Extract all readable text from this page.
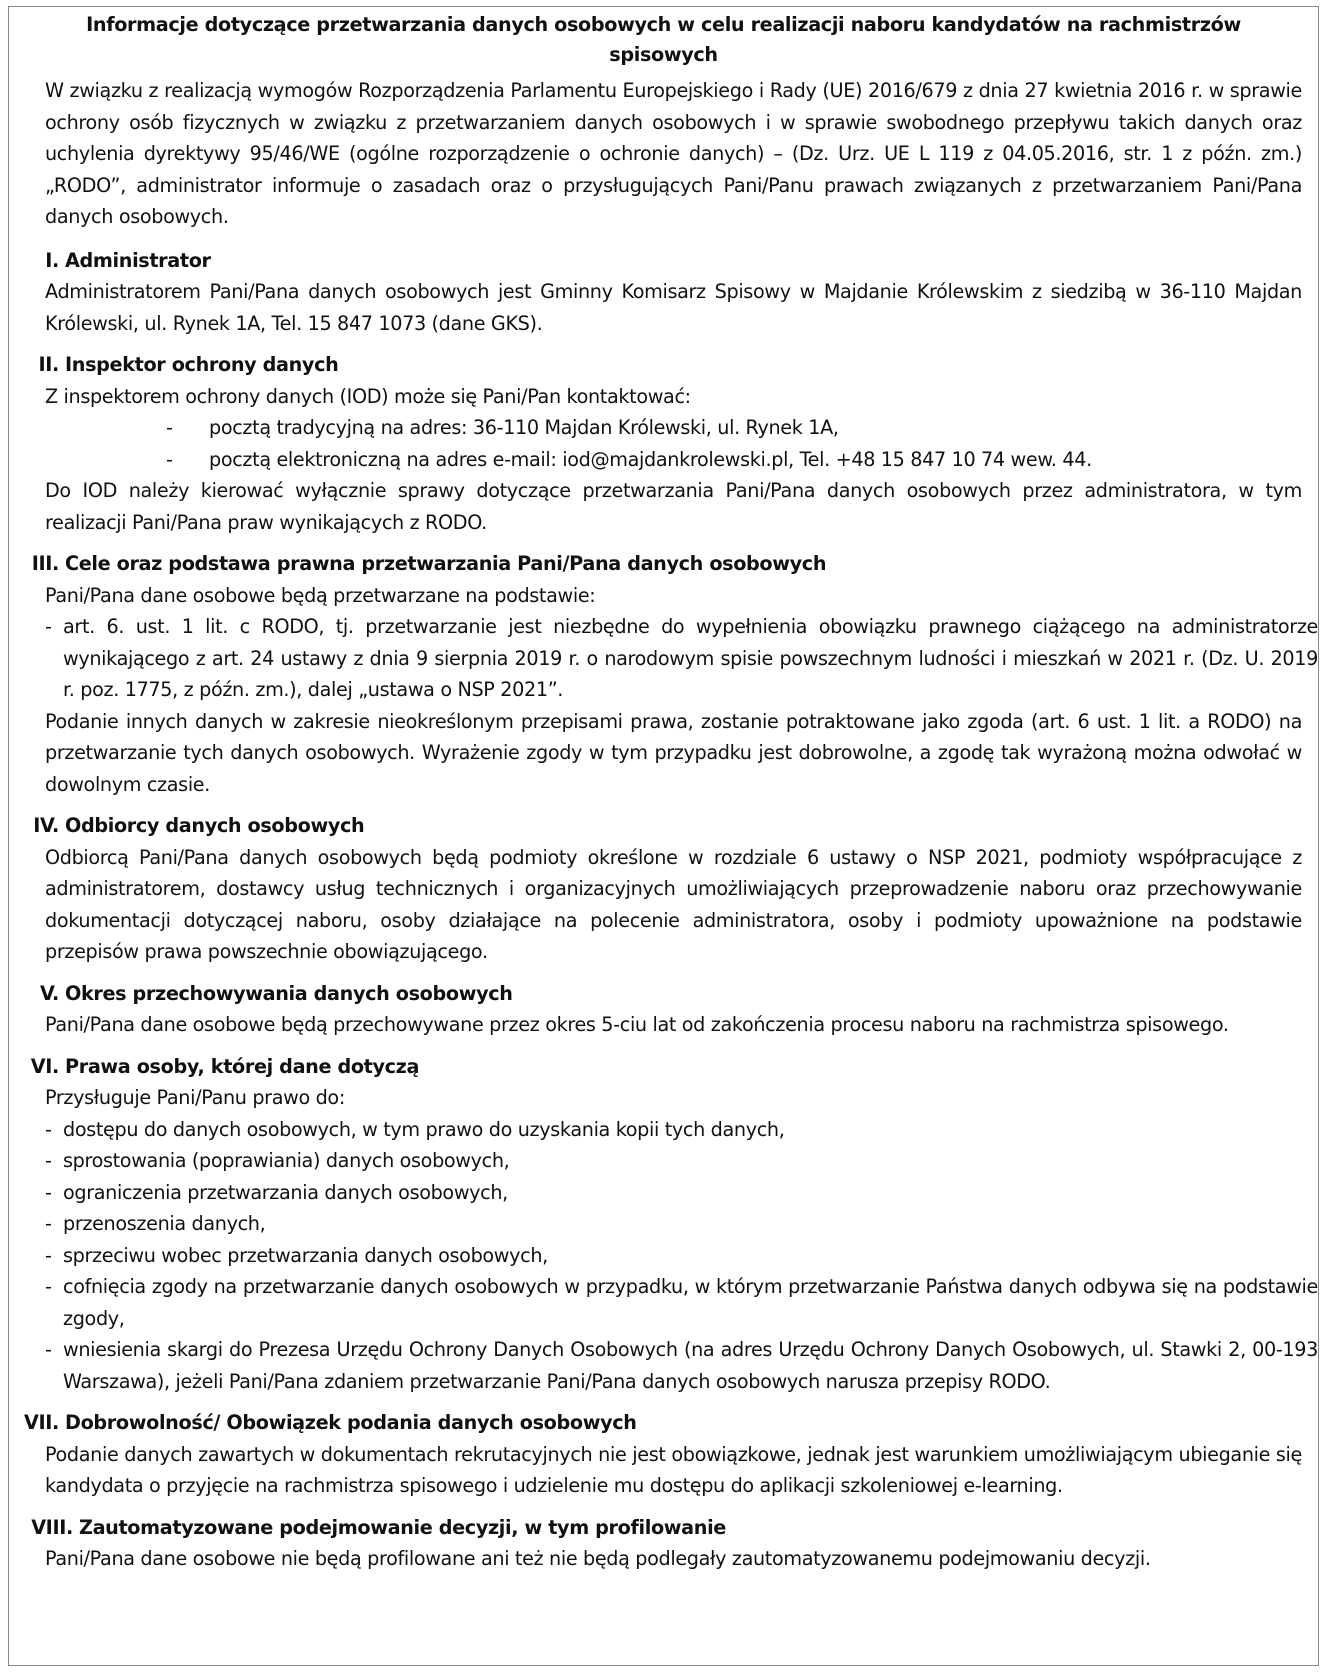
Informacje dotyczące przetwarzania danych osobowych w celu realizacji naboru kandydatów na rachmistrzów spisowych
W związku z realizacją wymogów Rozporządzenia Parlamentu Europejskiego i Rady (UE) 2016/679 z dnia 27 kwietnia 2016 r. w sprawie ochrony osób fizycznych w związku z przetwarzaniem danych osobowych i w sprawie swobodnego przepływu takich danych oraz uchylenia dyrektywy 95/46/WE (ogólne rozporządzenie o ochronie danych) – (Dz. Urz. UE L 119 z 04.05.2016, str. 1 z późn. zm.) „RODO”, administrator informuje o zasadach oraz o przysługujących Pani/Panu prawach związanych z przetwarzaniem Pani/Pana danych osobowych.
I. Administrator
Administratorem Pani/Pana danych osobowych jest Gminny Komisarz Spisowy w Majdanie Królewskim z siedzibą w 36-110 Majdan Królewski, ul. Rynek 1A, Tel. 15 847 1073 (dane GKS).
II. Inspektor ochrony danych
Z inspektorem ochrony danych (IOD) może się Pani/Pan kontaktować:
- pocztą tradycyjną na adres: 36-110 Majdan Królewski, ul. Rynek 1A,
- pocztą elektroniczną na adres e-mail: iod@majdankrolewski.pl, Tel. +48 15 847 10 74 wew. 44.
Do IOD należy kierować wyłącznie sprawy dotyczące przetwarzania Pani/Pana danych osobowych przez administratora, w tym realizacji Pani/Pana praw wynikających z RODO.
III. Cele oraz podstawa prawna przetwarzania Pani/Pana danych osobowych
Pani/Pana dane osobowe będą przetwarzane na podstawie:
- art. 6. ust. 1 lit. c RODO, tj. przetwarzanie jest niezbędne do wypełnienia obowiązku prawnego ciążącego na administratorze wynikającego z art. 24 ustawy z dnia 9 sierpnia 2019 r. o narodowym spisie powszechnym ludności i mieszkań w 2021 r. (Dz. U. 2019 r. poz. 1775, z późn. zm.), dalej „ustawa o NSP 2021”.
Podanie innych danych w zakresie nieokreślonym przepisami prawa, zostanie potraktowane jako zgoda (art. 6 ust. 1 lit. a RODO) na przetwarzanie tych danych osobowych. Wyrażenie zgody w tym przypadku jest dobrowolne, a zgodę tak wyrażoną można odwołać w dowolnym czasie.
IV. Odbiorcy danych osobowych
Odbiorcą Pani/Pana danych osobowych będą podmioty określone w rozdziale 6 ustawy o NSP 2021, podmioty współpracujące z administratorem, dostawcy usług technicznych i organizacyjnych umożliwiających przeprowadzenie naboru oraz przechowywanie dokumentacji dotyczącej naboru, osoby działające na polecenie administratora, osoby i podmioty upoważnione na podstawie przepisów prawa powszechnie obowiązującego.
V. Okres przechowywania danych osobowych
Pani/Pana dane osobowe będą przechowywane przez okres 5-ciu lat od zakończenia procesu naboru na rachmistrza spisowego.
VI. Prawa osoby, której dane dotyczą
Przysługuje Pani/Panu prawo do:
- dostępu do danych osobowych, w tym prawo do uzyskania kopii tych danych,
- sprostowania (poprawiania) danych osobowych,
- ograniczenia przetwarzania danych osobowych,
- przenoszenia danych,
- sprzeciwu wobec przetwarzania danych osobowych,
- cofnięcia zgody na przetwarzanie danych osobowych w przypadku, w którym przetwarzanie Państwa danych odbywa się na podstawie zgody,
- wniesienia skargi do Prezesa Urzędu Ochrony Danych Osobowych (na adres Urzędu Ochrony Danych Osobowych, ul. Stawki 2, 00-193 Warszawa), jeżeli Pani/Pana zdaniem przetwarzanie Pani/Pana danych osobowych narusza przepisy RODO.
VII. Dobrowolność/ Obowiązek podania danych osobowych
Podanie danych zawartych w dokumentach rekrutacyjnych nie jest obowiązkowe, jednak jest warunkiem umożliwiającym ubieganie się kandydata o przyjęcie na rachmistrza spisowego i udzielenie mu dostępu do aplikacji szkoleniowej e-learning.
VIII. Zautomatyzowane podejmowanie decyzji, w tym profilowanie
Pani/Pana dane osobowe nie będą profilowane ani też nie będą podlegały zautomatyzowanemu podejmowaniu decyzji.
